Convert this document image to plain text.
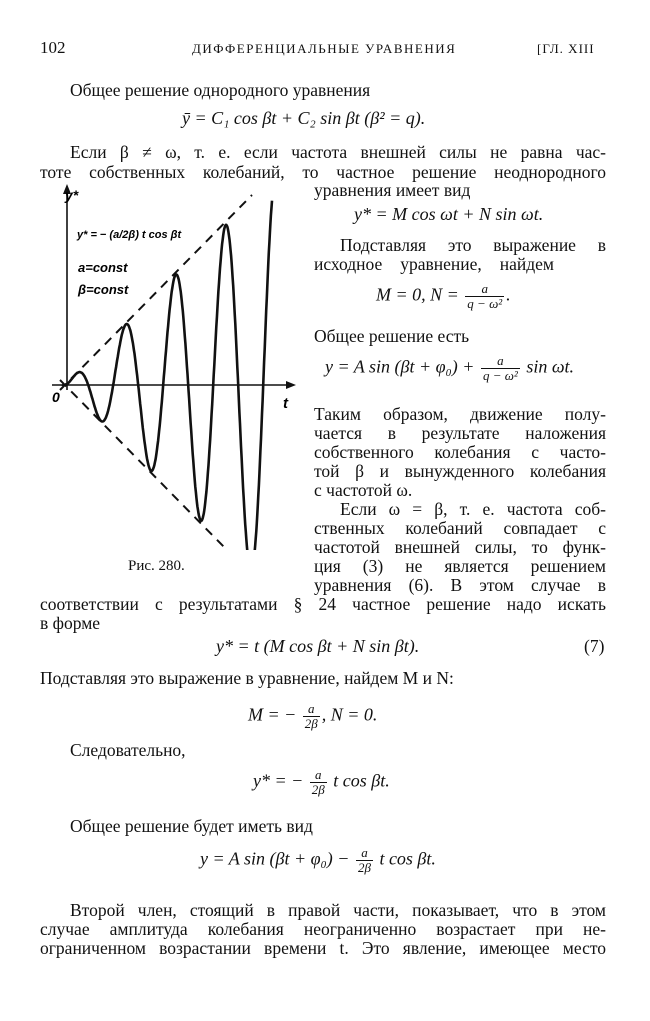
102	ДИФФЕРЕНЦИАЛЬНЫЕ УРАВНЕНИЯ	[ГЛ. XIII
Общее решение однородного уравнения
ȳ = C₁ cos βt + C₂ sin βt (β² = q).
Если β ≠ ω, т. е. если частота внешней силы не равна час-
тоте собственных колебаний, то частное решение неоднородного
уравнения имеет вид
y* = M cos ωt + N sin ωt.
Подставляя это выражение в
исходное уравнение, найдем
M = 0, $N = \frac{a}{\text{q − ω²}}$ .
Общее решение есть
y = A $\sin (\beta t + \varphi_0) + \frac{a}{\text{q − ω²}}$ sin ωt.
Таким образом, движение полу-
чается в результате наложения
собственного колебания с часто-
той β и вынужденного колебания
с частотой ω.
Если ω = β, т. е. частота соб-
ственных колебаний совпадает с
частотой внешней силы, то функ-
ция (3) не является решением
уравнения (6). В этом случае в
соответствии с результатами § 24 частное решение надо искать
в форме
y* = t (M cos βt + N sin βt).	(7)
Подставляя это выражение в уравнение, найдем M и N:
M = − $\frac{a}{2\beta}$ , N = 0.
Следовательно,
y* = − $\frac{a}{2\beta}$ t cos βt.
Общее решение будет иметь вид
y = A $\sin (\beta t + \varphi_0) - \frac{a}{2\beta}$ t cos βt.
Второй член, стоящий в правой части, показывает, что в этом
случае амплитуда колебания неограниченно возрастает при не-
ограниченном возрастании времени t. Это явление, имеющее место
y*
t
0
y* = − (a/2β) t cos βt
a=const
β=const
Рис. 280.
